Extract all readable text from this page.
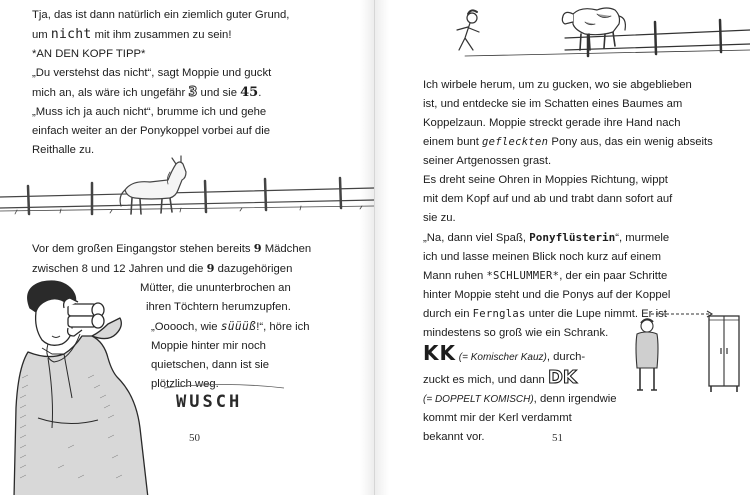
Tja, das ist dann natürlich ein ziemlich guter Grund,
um nicht mit ihm zusammen zu sein!
*AN DEN KOPF TIPP*
„Du verstehst das nicht“, sagt Moppie und guckt
mich an, als wäre ich ungefähr 3 und sie 45.
„Muss ich ja auch nicht“, brumme ich und gehe
einfach weiter an der Ponykoppel vorbei auf die
Reithalle zu.
Vor dem großen Eingangstor stehen bereits 9 Mädchen
zwischen 8 und 12 Jahren und die 9 dazugehörigen
Mütter, die ununterbrochen an
ihren Töchtern herumzupfen.
„Ooooch, wie süüüß!“, höre ich
Moppie hinter mir noch
quietschen, dann ist sie
plötzlich weg.
WUSCH
50
Ich wirbele herum, um zu gucken, wo sie abgeblieben
ist, und entdecke sie im Schatten eines Baumes am
Koppelzaun. Moppie streckt gerade ihre Hand nach
einem bunt gefleckten Pony aus, das ein wenig abseits
seiner Artgenossen grast.
Es dreht seine Ohren in Moppies Richtung, wippt
mit dem Kopf auf und ab und trabt dann sofort auf
sie zu.
„Na, dann viel Spaß, Ponyflüsterin“, murmele
ich und lasse meinen Blick noch kurz auf einem
Mann ruhen *SCHLUMMER*, der ein paar Schritte
hinter Moppie steht und die Ponys auf der Koppel
durch ein Fernglas unter die Lupe nimmt. Er ist
mindestens so groß wie ein Schrank.
KK (= Komischer Kauz), durch-
zuckt es mich, und dann DK
(= DOPPELT KOMISCH), denn irgendwie
kommt mir der Kerl verdammt
bekannt vor.	51
